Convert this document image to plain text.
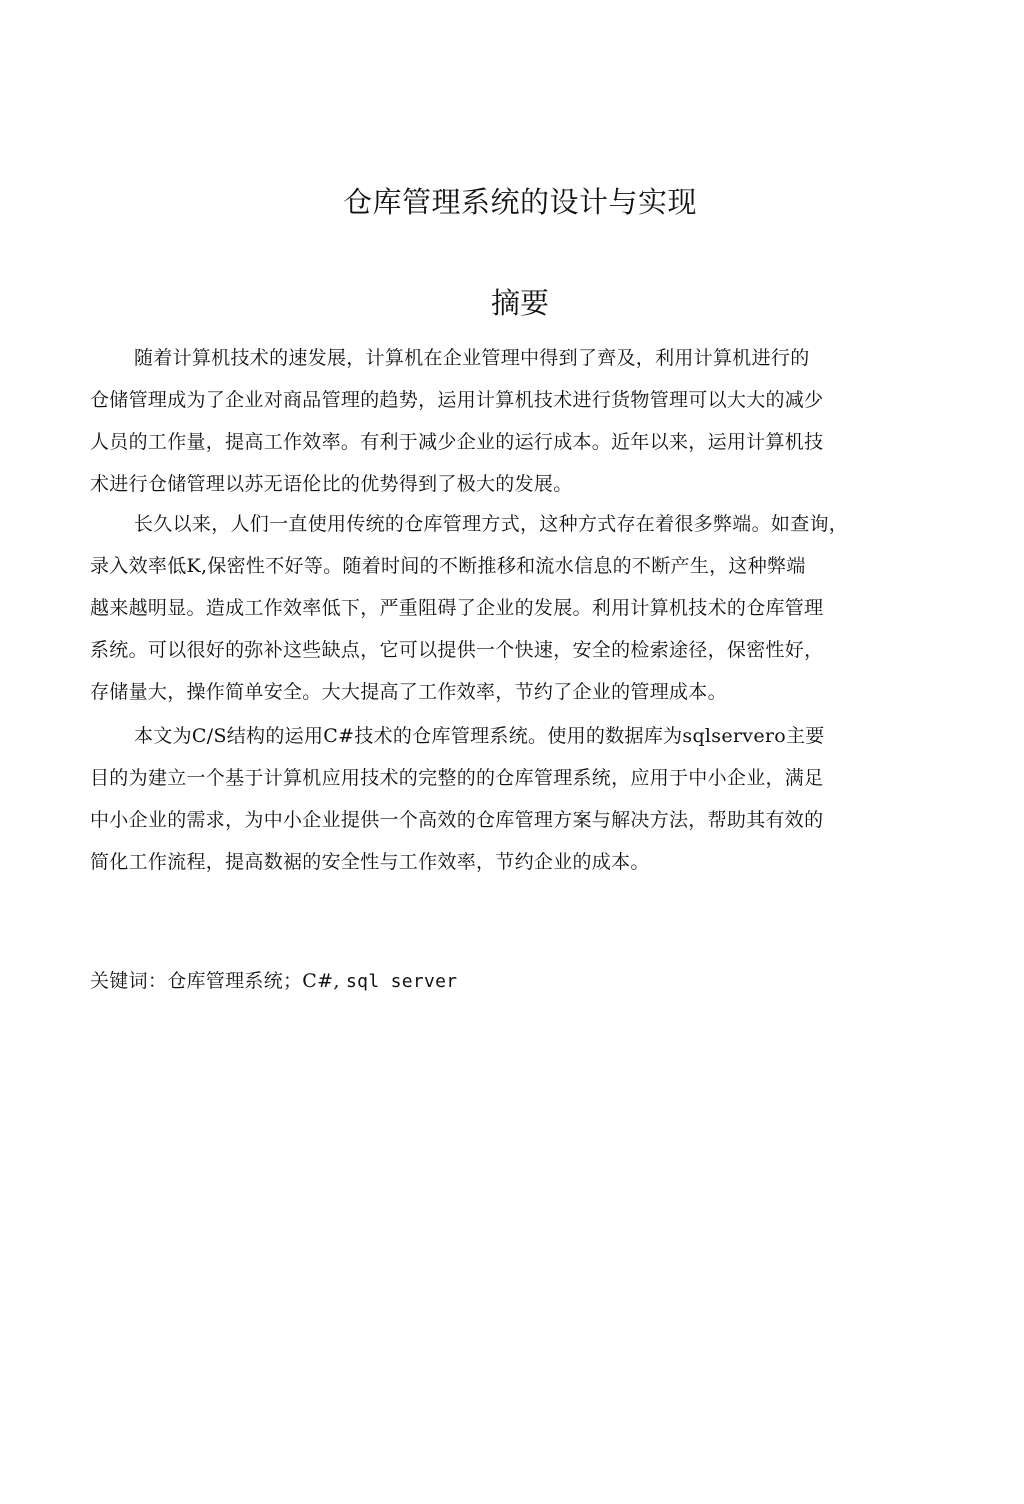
仓库管理系统的设计与实现
摘要

随着计算机技术的速发展，计算机在企业管理中得到了齊及，利用计算机进行的
仓储管理成为了企业对商品管理的趋势，运用计算机技术进行货物管理可以大大的减少
人员的工作量，提高工作效率。有利于减少企业的运行成本。近年以来，运用计算机技
术进行仓储管理以苏无语伦比的优势得到了极大的发展。

长久以来，人们一直使用传统的仓库管理方式，这种方式存在着很多弊端。如查询，
录入效率低K,保密性不好等。随着时间的不断推移和流水信息的不断产生，这种弊端
越来越明显。造成工作效率低下，严重阻碍了企业的发展。利用计算机技术的仓库管理
系统。可以很好的弥补这些缺点，它可以提供一个快速，安全的检索途径，保密性好，
存储量大，操作简单安全。大大提高了工作效率，节约了企业的管理成本。

本文为C/S结构的运用C#技术的仓库管理系统。使用的数据库为sqlservero主要
目的为建立一个基于计算机应用技术的完整的的仓库管理系统，应用于中小企业，满足
中小企业的需求，为中小企业提供一个高效的仓库管理方案与解决方法，帮助其有效的
简化工作流程，提高数裾的安全性与工作效率，节约企业的成本。

关键词：仓库管理系统；C#, sql server
